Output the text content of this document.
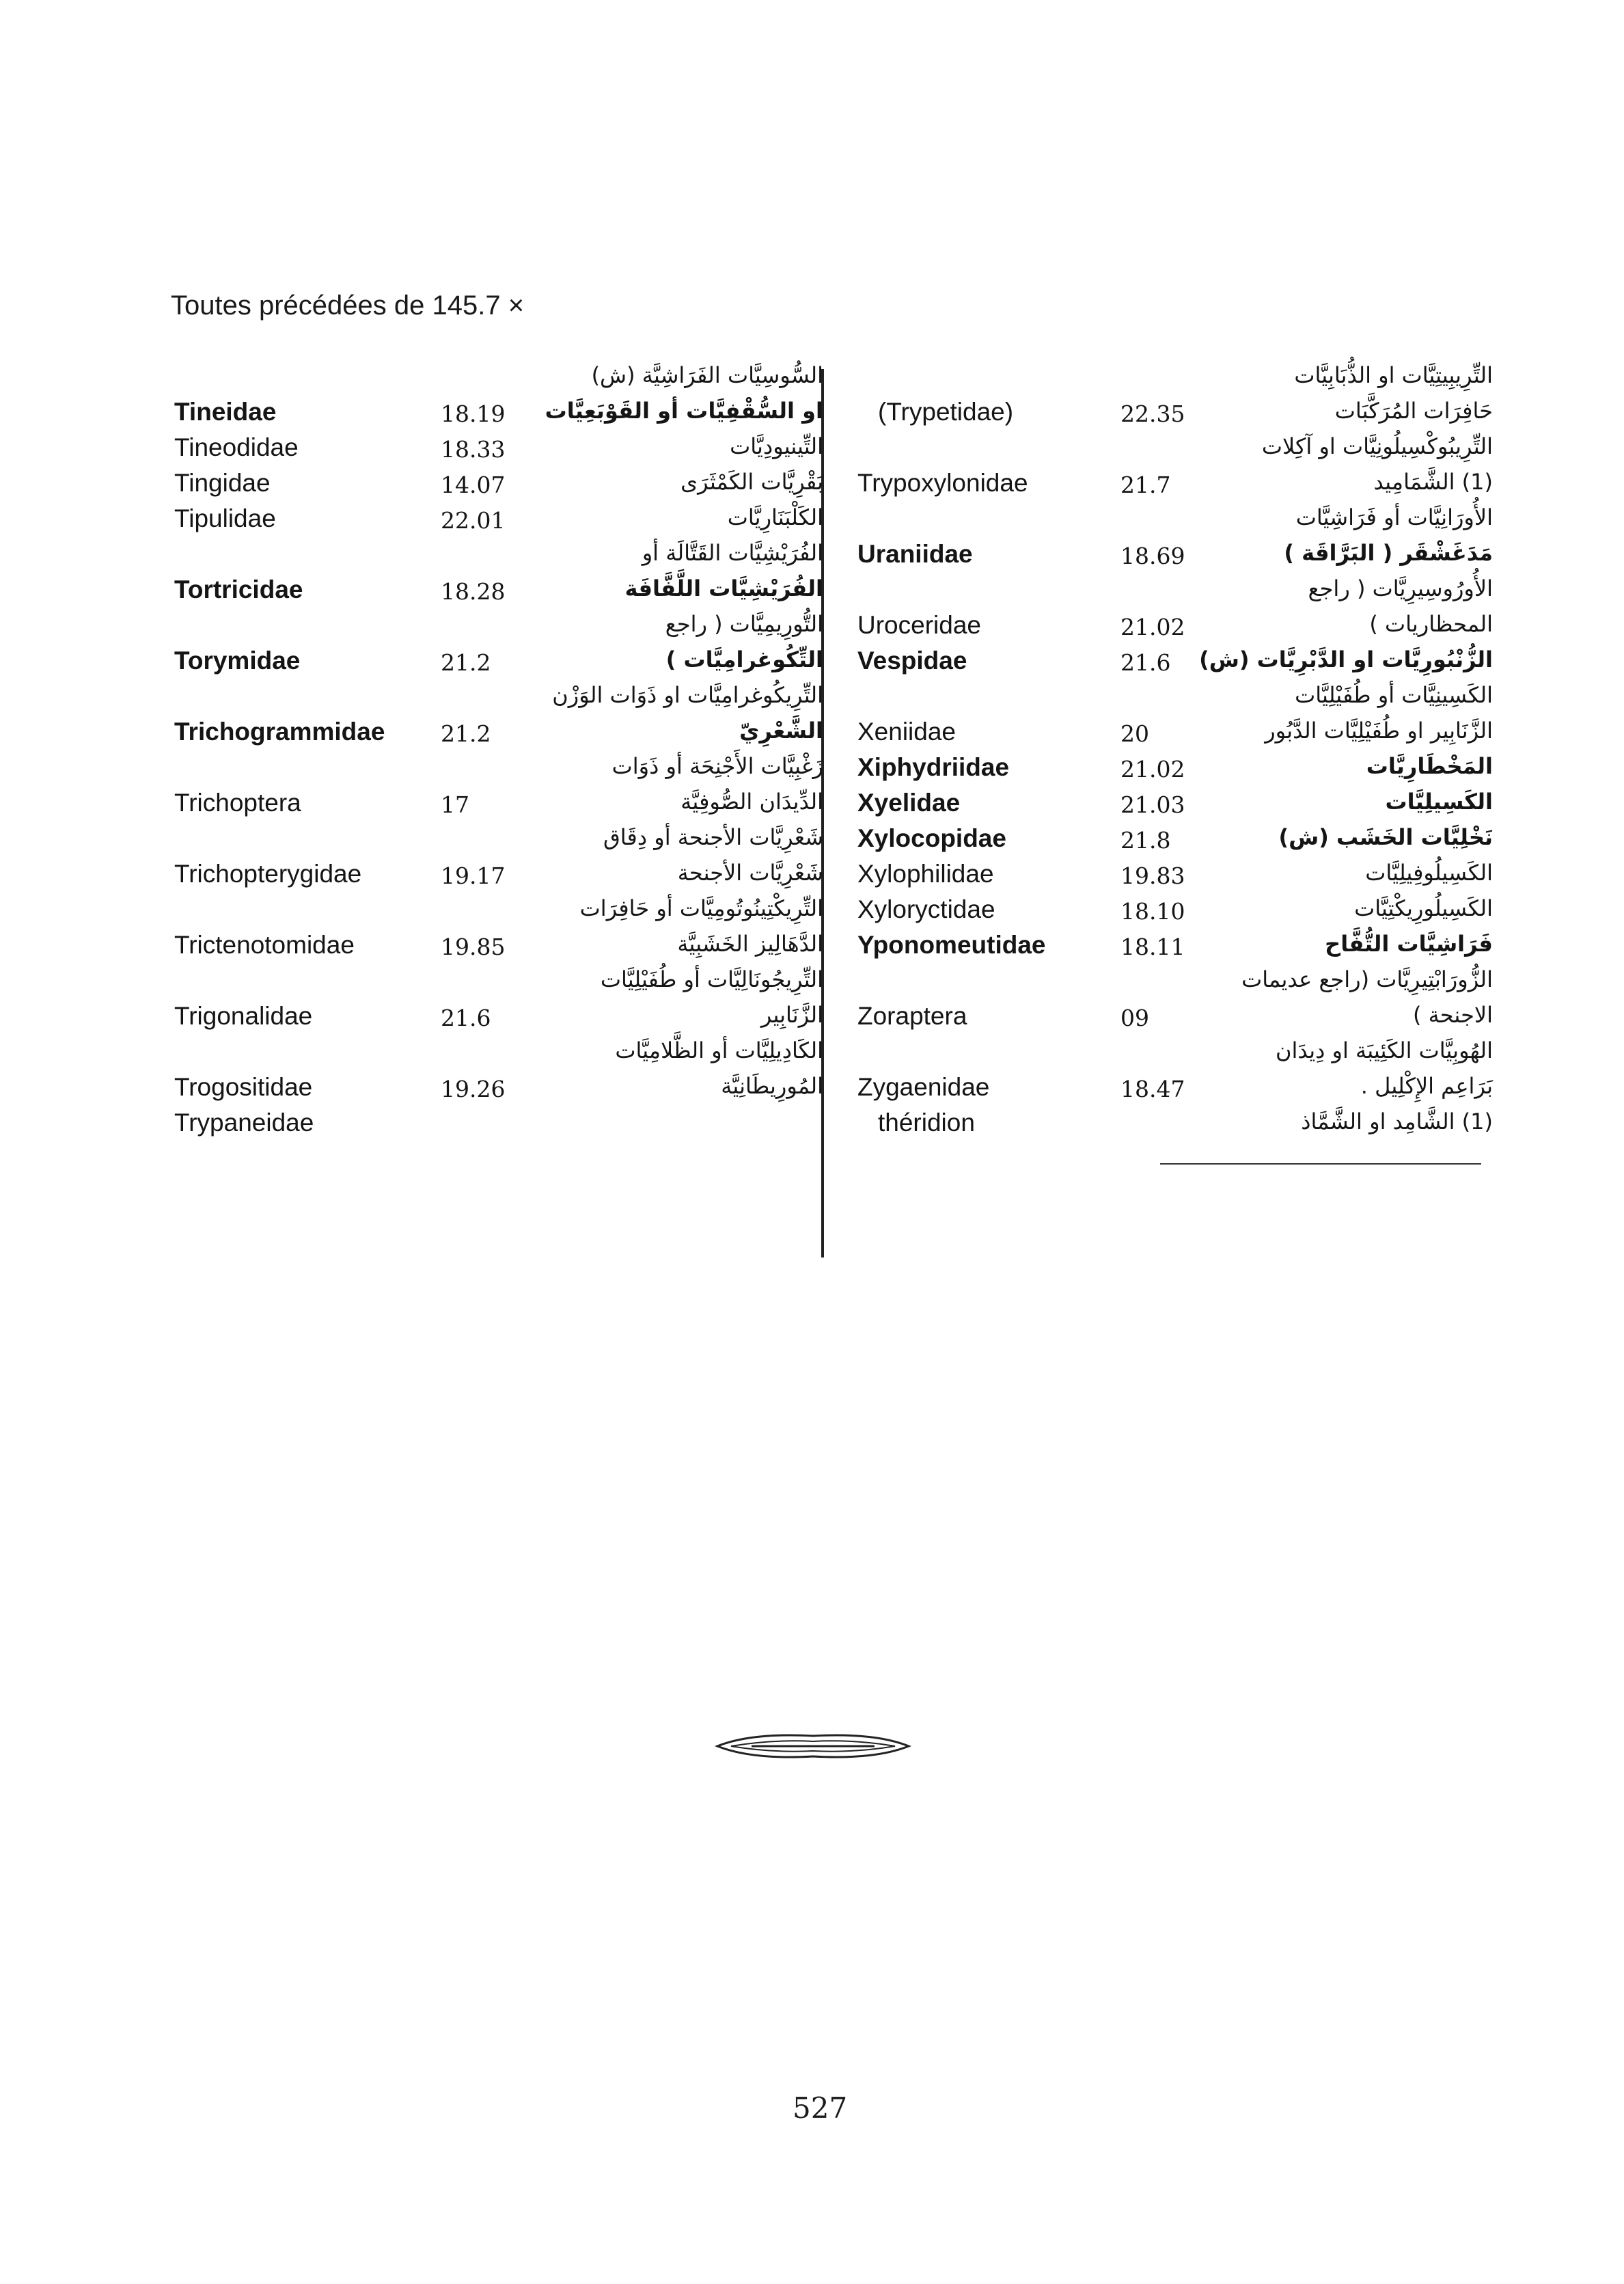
Toutes précédées de 145.7 ×
السُّوسِيَّات الفَرَاشِيَّة (ش)
Tineidae	18.19 او السُّقْفِيَّات أو القَوْبَعِيَّات
Tineodidae	18.33	التِّينيودِيَّات
Tingidae	14.07	بَقْرِيَّات الكَمْثَرَى
Tipulidae	22.01	الكَلْبَنَارِيَّات
الفُرَيْشِيَّات القَتَّالَة أو
Tortricidae	18.28	الفُرَيْشِيَّات اللَّفَّافَة
التُّورِيمِيَّات ( راجع
Torymidae	21.2	التِّكُوغرامِيَّات )
التِّرِيكُوغرامِيَّات او ذَوَات الوَزْن
Trichogrammidae 21.2	الشَّعْرِيّ
زَغْبِيَّات الأَجْنِحَة أو ذَوَات
Trichoptera	17	الدِّيدَان الصُّوفِيَّة
شَعْرِيَّات الأجنحة أو دِقَاق
Trichopterygidae	19.17	شَعْرِيَّات الأجنحة
التِّرِيكْتِينُوتُومِيَّات أو حَافِرَات
Trictenotomidae	19.85	الدَّهَالِيز الخَشَبِيَّة
التِّرِيجُونَالِيَّات أو طُفَيْلِيَّات
Trigonalidae	21.6	الزَّنَابِير
الكَادِيلِيَّات أو الظَّلامِيَّات
Trogositidae	19.26	المُورِيطَانِيَّة
Trypaneidae
التِّرِيبِيتِيَّات او الذُّبَابِيَّات
(Trypetidae)	22.35	حَافِرَات المُرَكَّبَات
التِّرِيبُوكْسِيلُونِيَّات او آكِلات
Trypoxylonidae	21.7	(1) الشَّمَامِيد
الأُورَانِيَّات أو فَرَاشِيَّات
Uraniidae	18.69	مَدَغَشْقَر ( البَرَّاقَة )
الأُورُوسِيرِيَّات ( راجع
Uroceridae	21.02	المحظاريات )
Vespidae	21.6 الزُّنْبُورِيَّات او الدَّبْرِيَّات (ش)
الكَسِينِيَّات أو طُفَيْلِيَّات
Xeniidae	20	الزَّنَابِير او طُفَيْلِيَّات الدَّبُور
Xiphydriidae	21.02	المَخْطَارِيَّات
Xyelidae	21.03	الكَسِيلِيَّات
Xylocopidae	21.8	نَخْلِيَّات الخَشَب (ش)
Xylophilidae	19.83	الكَسِيلُوفِيلِيَّات
Xyloryctidae	18.10	الكَسِيلُورِيكْتِيَّات
Yponomeutidae	18.11	فَرَاشِيَّات التُّفَّاح
الزُّورَابْتِيرِيَّات (راجع عديمات
Zoraptera	09	الاجنحة )
الهُوبِيَّات الكَئِيبَة او دِيدَان
Zygaenidae	18.47	بَرَاعِم الإِكْلِيل .
théridion	(1) الشَّامِد او الشَّمَّاذ
527
